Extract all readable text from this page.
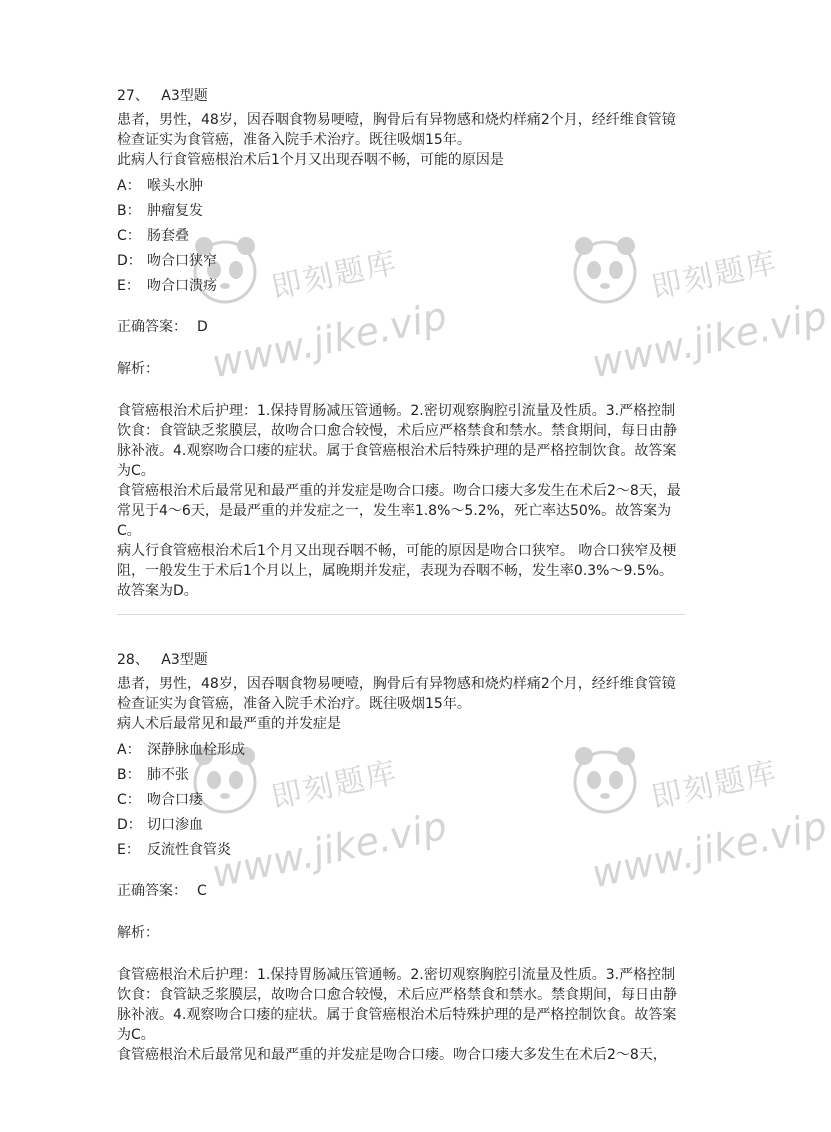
即刻题库
www.jike.vip
即刻题库
www.jike.vip
即刻题库
www.jike.vip
即刻题库
www.jike.vip
27、 A3型题

患者，男性，48岁，因吞咽食物易哽噎，胸骨后有异物感和烧灼样痛2个月，经纤维食管镜检查证实为食管癌，准备入院手术治疗。既往吸烟15年。

此病人行食管癌根治术后1个月又出现吞咽不畅，可能的原因是

A： 喉头水肿
B： 肿瘤复发
C： 肠套叠
D： 吻合口狭窄
E： 吻合口溃疡
正确答案： D
解析：

食管癌根治术后护理：1.保持胃肠减压管通畅。2.密切观察胸腔引流量及性质。3.严格控制饮食：食管缺乏浆膜层，故吻合口愈合较慢，术后应严格禁食和禁水。禁食期间，每日由静脉补液。4.观察吻合口瘘的症状。属于食管癌根治术后特殊护理的是严格控制饮食。故答案为C。

食管癌根治术后最常见和最严重的并发症是吻合口瘘。吻合口瘘大多发生在术后2～8天，最常见于4～6天，是最严重的并发症之一，发生率1.8%～5.2%，死亡率达50%。故答案为C。

病人行食管癌根治术后1个月又出现吞咽不畅，可能的原因是吻合口狭窄。 吻合口狭窄及梗阻，一般发生于术后1个月以上，属晚期并发症，表现为吞咽不畅，发生率0.3%～9.5%。故答案为D。

28、 A3型题

患者，男性，48岁，因吞咽食物易哽噎，胸骨后有异物感和烧灼样痛2个月，经纤维食管镜检查证实为食管癌，准备入院手术治疗。既往吸烟15年。

病人术后最常见和最严重的并发症是

A： 深静脉血栓形成
B： 肺不张
C： 吻合口瘘
D： 切口渗血
E： 反流性食管炎
正确答案： C
解析：

食管癌根治术后护理：1.保持胃肠减压管通畅。2.密切观察胸腔引流量及性质。3.严格控制饮食：食管缺乏浆膜层，故吻合口愈合较慢，术后应严格禁食和禁水。禁食期间，每日由静脉补液。4.观察吻合口瘘的症状。属于食管癌根治术后特殊护理的是严格控制饮食。故答案为C。

食管癌根治术后最常见和最严重的并发症是吻合口瘘。吻合口瘘大多发生在术后2～8天，
